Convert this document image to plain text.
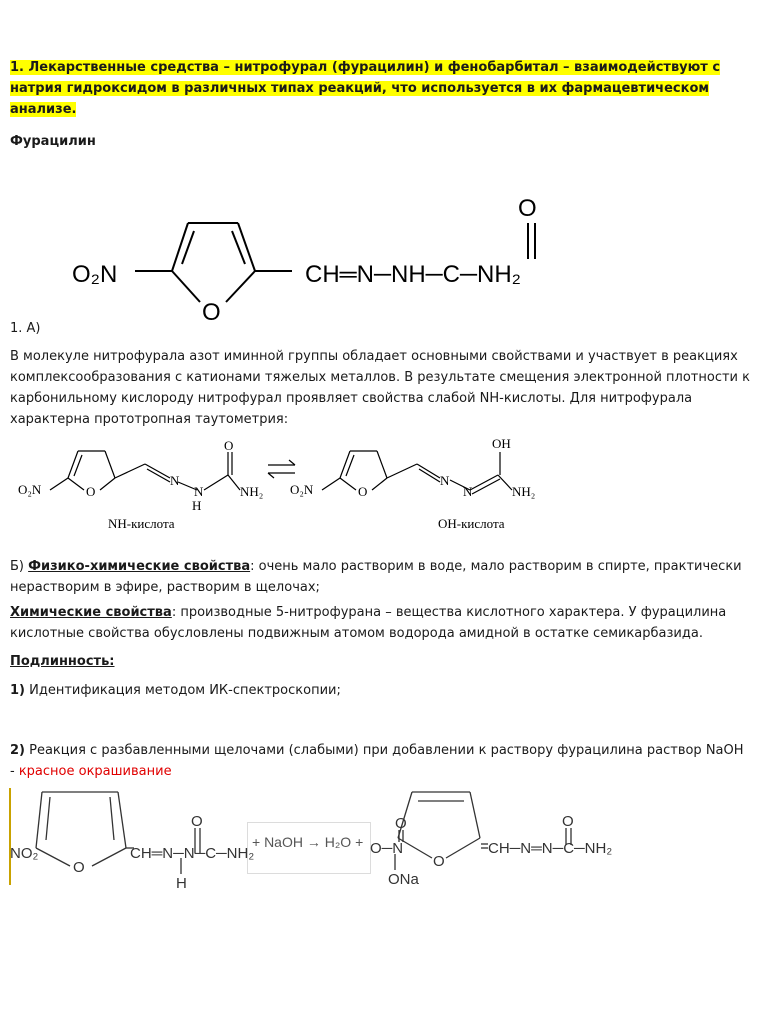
1. Лекарственные средства – нитрофурал (фурацилин) и фенобарбитал – взаимодействуют с натрия гидроксидом в различных типах реакций, что используется в их фармацевтическом анализе.
Фурацилин
O₂N
O
CH═N─NH─C─NH₂
O
1. А)
В молекуле нитрофурала азот иминной группы обладает основными свойствами и участвует в реакциях комплексообразования с катионами тяжелых металлов. В результате смещения электронной плотности к карбонильному кислороду нитрофурал проявляет свойства слабой NH-кислоты. Для нитрофурала характерна прототропная таутометрия:
O₂N	O
N
N
H
O
NH₂ O₂N	O
N
N
OH
NH₂
NH-кислота	OH-кислота
Б) Физико-химические свойства: очень мало растворим в воде, мало растворим в спирте, практически нерастворим в эфире, растворим в щелочах;
Химические свойства: производные 5-нитрофурана – вещества кислотного характера. У фурацилина кислотные свойства обусловлены подвижным атомом водорода амидной в остатке семикарбазида.
Подлинность:
1) Идентификация методом ИК-спектроскопии;
2) Реакция с разбавленными щелочами (слабыми) при добавлении к раствору фурацилина раствор NaOH - красное окрашивание
+ NaOH → H₂O +
NO₂
O
CH═N─N─C─NH₂
O
H
O─N
O
ONa
O
CH─N═N─C─NH₂
O
